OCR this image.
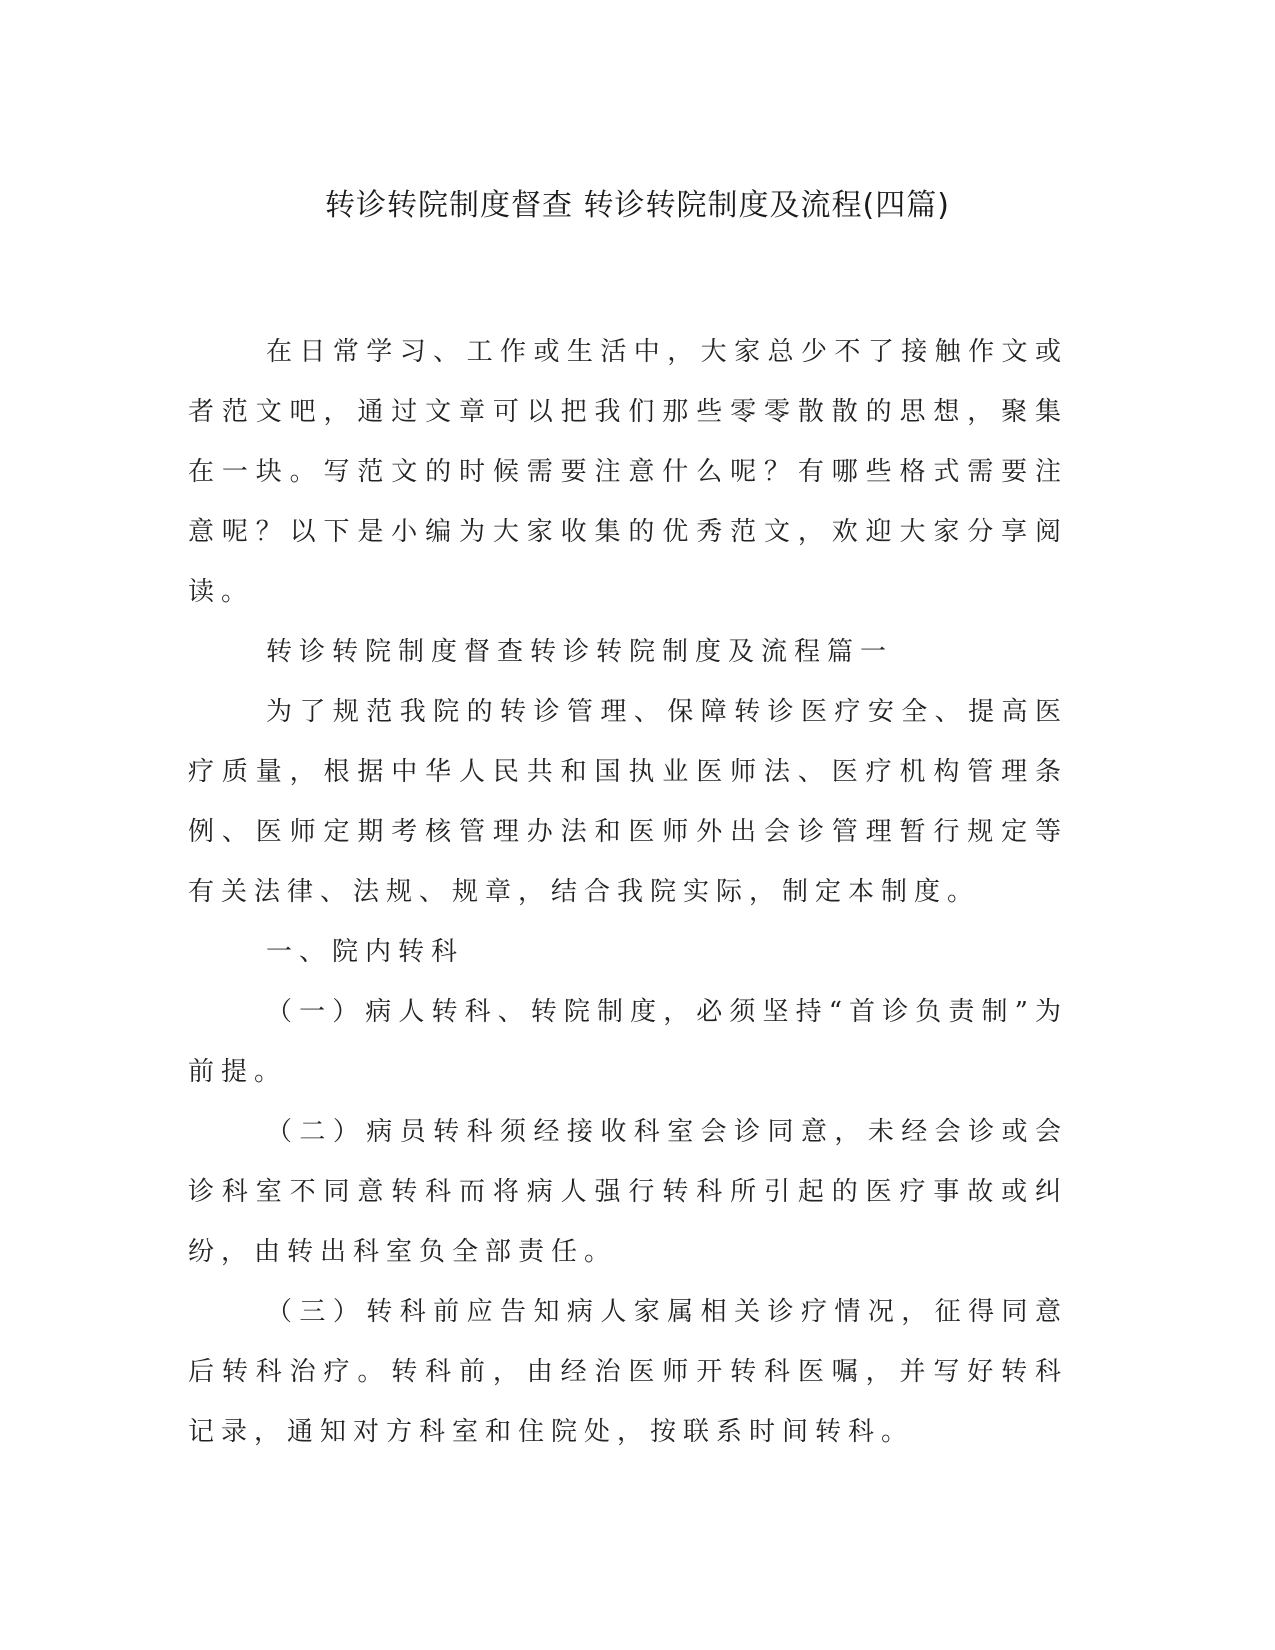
转诊转院制度督查 转诊转院制度及流程(四篇)

在日常学习、工作或生活中，大家总少不了接触作文或者范文吧，通过文章可以把我们那些零零散散的思想，聚集在一块。写范文的时候需要注意什么呢？有哪些格式需要注意呢？以下是小编为大家收集的优秀范文，欢迎大家分享阅读。

转诊转院制度督查转诊转院制度及流程篇一

为了规范我院的转诊管理、保障转诊医疗安全、提高医疗质量，根据中华人民共和国执业医师法、医疗机构管理条例、医师定期考核管理办法和医师外出会诊管理暂行规定等有关法律、法规、规章，结合我院实际，制定本制度。

一、院内转科

（一）病人转科、转院制度，必须坚持“首诊负责制”为前提。

（二）病员转科须经接收科室会诊同意，未经会诊或会诊科室不同意转科而将病人强行转科所引起的医疗事故或纠纷，由转出科室负全部责任。

（三）转科前应告知病人家属相关诊疗情况，征得同意后转科治疗。转科前，由经治医师开转科医嘱，并写好转科记录，通知对方科室和住院处，按联系时间转科。
